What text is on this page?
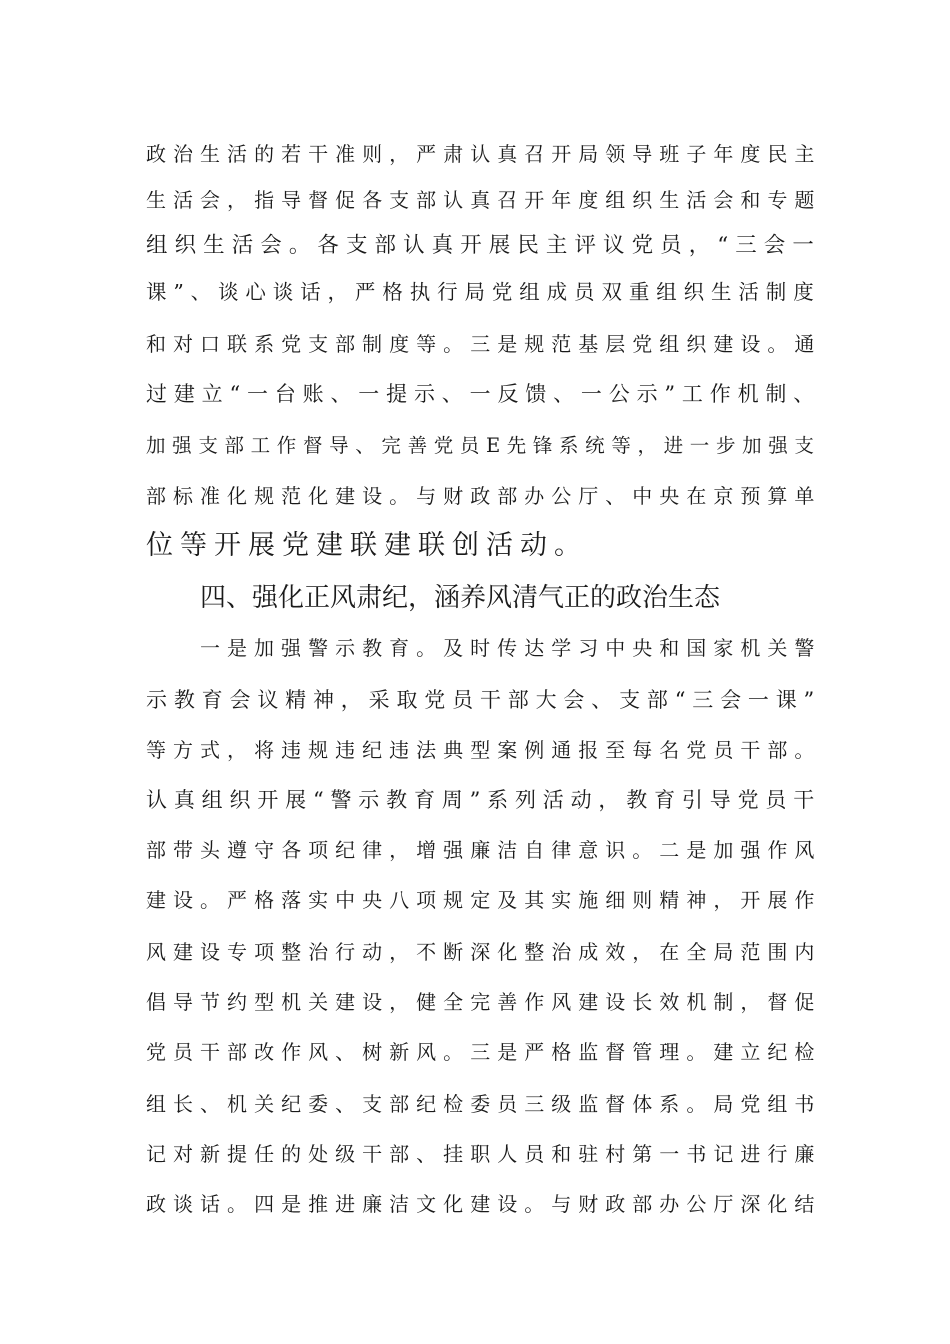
政 治 生 活 的 若 干 准 则 ， 严 肃 认 真 召 开 局 领 导 班 子 年 度 民 主

生 活 会 ， 指 导 督 促 各 支 部 认 真 召 开 年 度 组 织 生 活 会 和 专 题

组 织 生 活 会 。 各 支 部 认 真 开 展 民 主 评 议 党 员 ， “ 三 会 一

课 ” 、 谈 心 谈 话 ， 严 格 执 行 局 党 组 成 员 双 重 组 织 生 活 制 度

和 对 口 联 系 党 支 部 制 度 等 。 三 是 规 范 基 层 党 组 织 建 设 。 通

过 建 立 “ 一 台 账 、 一 提 示 、 一 反 馈 、 一 公 示 ” 工 作 机 制 、

加 强 支 部 工 作 督 导 、 完 善 党 员 E 先 锋 系 统 等 ， 进 一 步 加 强 支

部 标 准 化 规 范 化 建 设 。 与 财 政 部 办 公 厅 、 中 央 在 京 预 算 单

位等开展党建联建联创活动。

四、强化正风肃纪，涵养风清气正的政治生态

一 是 加 强 警 示 教 育 。 及 时 传 达 学 习 中 央 和 国 家 机 关 警

示 教 育 会 议 精 神 ， 采 取 党 员 干 部 大 会 、 支 部 “ 三 会 一 课 ”

等 方 式 ， 将 违 规 违 纪 违 法 典 型 案 例 通 报 至 每 名 党 员 干 部 。

认 真 组 织 开 展 “ 警 示 教 育 周 ” 系 列 活 动 ， 教 育 引 导 党 员 干

部 带 头 遵 守 各 项 纪 律 ， 增 强 廉 洁 自 律 意 识 。 二 是 加 强 作 风

建 设 。 严 格 落 实 中 央 八 项 规 定 及 其 实 施 细 则 精 神 ， 开 展 作

风 建 设 专 项 整 治 行 动 ， 不 断 深 化 整 治 成 效 ， 在 全 局 范 围 内

倡 导 节 约 型 机 关 建 设 ， 健 全 完 善 作 风 建 设 长 效 机 制 ， 督 促

党 员 干 部 改 作 风 、 树 新 风 。 三 是 严 格 监 督 管 理 。 建 立 纪 检

组 长 、 机 关 纪 委 、 支 部 纪 检 委 员 三 级 监 督 体 系 。 局 党 组 书

记 对 新 提 任 的 处 级 干 部 、 挂 职 人 员 和 驻 村 第 一 书 记 进 行 廉

政 谈 话 。 四 是 推 进 廉 洁 文 化 建 设 。 与 财 政 部 办 公 厅 深 化 结
